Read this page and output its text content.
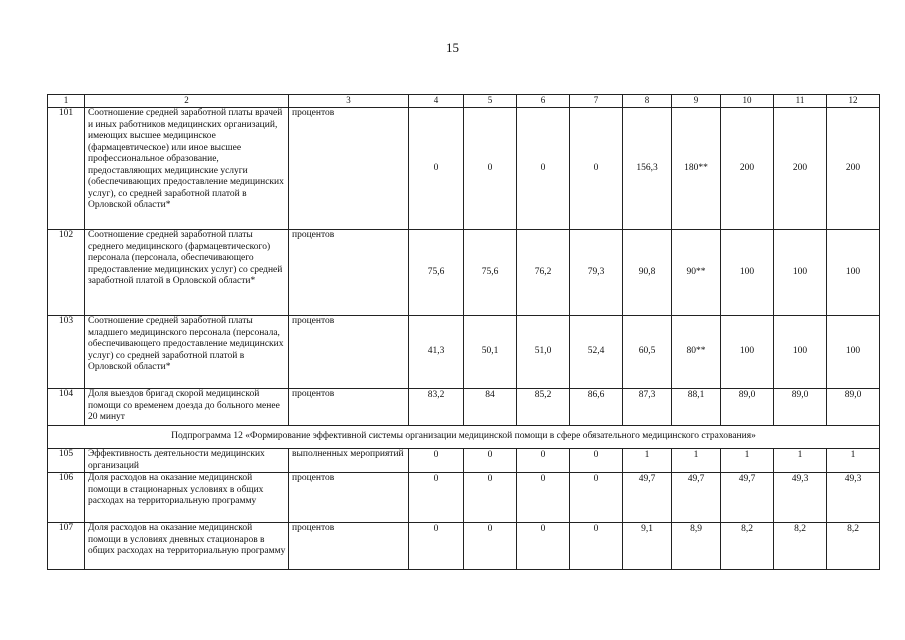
15
1	2	3	4	5	6	7	8	9	10	11	12
101	Соотношение средней заработной платы врачей и иных работников медицинских организаций, имеющих высшее медицинское (фармацевтическое) или иное высшее профессиональное образование, предоставляющих медицинские услуги (обеспечивающих предоставление медицинских услуг), со средней заработной платой в Орловской области*	процентов	0	0	0	0	156,3	180**	200	200	200
102	Соотношение средней заработной платы среднего медицинского (фармацевтического) персонала (персонала, обеспечивающего предоставление медицинских услуг) со средней заработной платой в Орловской области*	процентов	75,6	75,6	76,2	79,3	90,8	90**	100	100	100
103	Соотношение средней заработной платы младшего медицинского персонала (персонала, обеспечивающего предоставление медицинских услуг) со средней заработной платой в Орловской области*	процентов	41,3	50,1	51,0	52,4	60,5	80**	100	100	100
104	Доля выездов бригад скорой медицинской помощи со временем доезда до больного менее 20 минут	процентов	83,2	84	85,2	86,6	87,3	88,1	89,0	89,0	89,0
Подпрограмма 12 «Формирование эффективной системы организации медицинской помощи в сфере обязательного медицинского страхования»											
105	Эффективность деятельности медицинских организаций	выполненных мероприятий	0	0	0	0	1	1	1	1	1
106	Доля расходов на оказание медицинской помощи в стационарных условиях в общих расходах на территориальную программу	процентов	0	0	0	0	49,7	49,7	49,7	49,3	49,3
107	Доля расходов на оказание медицинской помощи в условиях дневных стационаров в общих расходах на территориальную программу	процентов	0	0	0	0	9,1	8,9	8,2	8,2	8,2
